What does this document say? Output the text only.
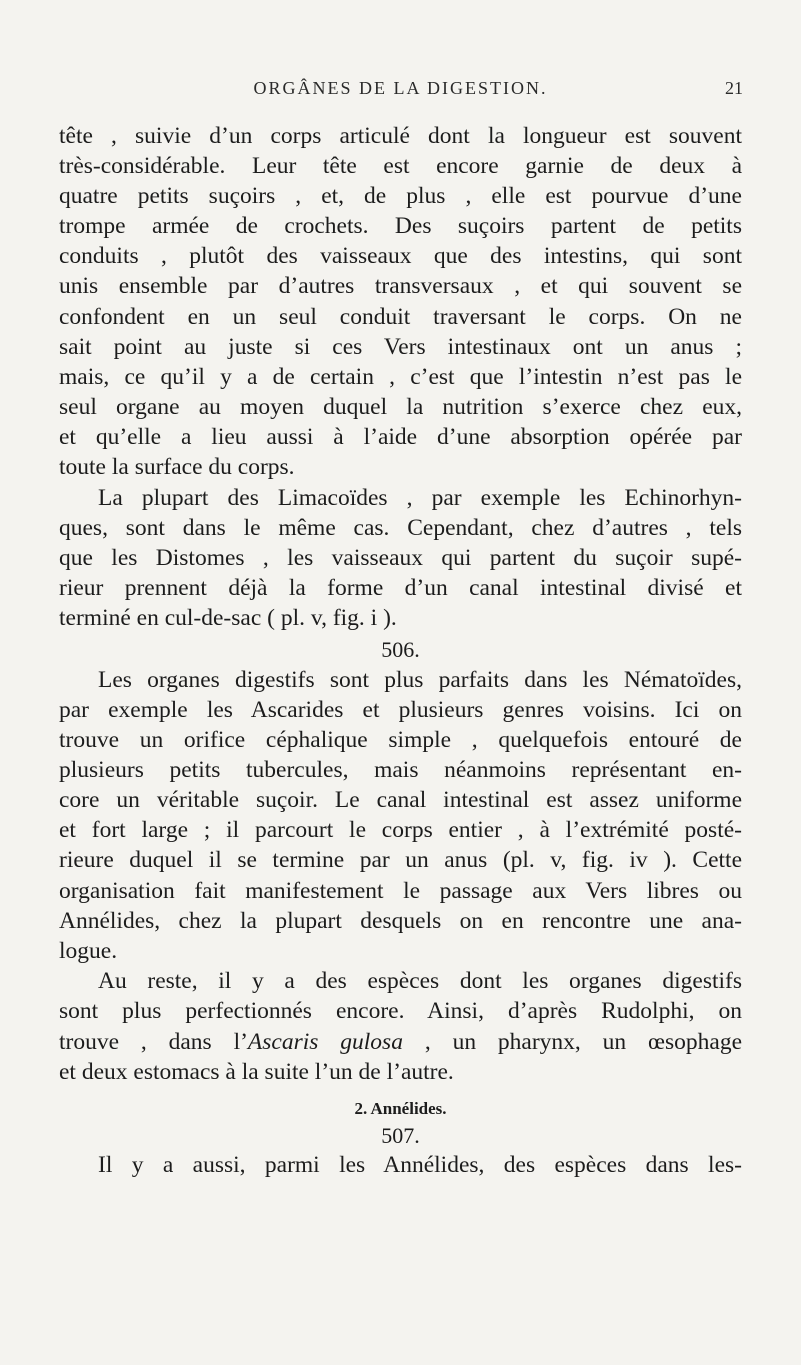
ORGÂNES DE LA DIGESTION.	21
tête , suivie d’un corps articulé dont la longueur est souvent
très-considérable. Leur tête est encore garnie de deux à
quatre petits suçoirs , et, de plus , elle est pourvue d’une
trompe armée de crochets. Des suçoirs partent de petits
conduits , plutôt des vaisseaux que des intestins, qui sont
unis ensemble par d’autres transversaux , et qui souvent se
confondent en un seul conduit traversant le corps. On ne
sait point au juste si ces Vers intestinaux ont un anus ;
mais, ce qu’il y a de certain , c’est que l’intestin n’est pas le
seul organe au moyen duquel la nutrition s’exerce chez eux,
et qu’elle a lieu aussi à l’aide d’une absorption opérée par
toute la surface du corps.
La plupart des Limacoïdes , par exemple les Echinorhyn-
ques, sont dans le même cas. Cependant, chez d’autres , tels
que les Distomes , les vaisseaux qui partent du suçoir supé-
rieur prennent déjà la forme d’un canal intestinal divisé et
terminé en cul-de-sac ( pl. v, fig. i ).
506.
Les organes digestifs sont plus parfaits dans les Nématoïdes,
par exemple les Ascarides et plusieurs genres voisins. Ici on
trouve un orifice céphalique simple , quelquefois entouré de
plusieurs petits tubercules, mais néanmoins représentant en-
core un véritable suçoir. Le canal intestinal est assez uniforme
et fort large ; il parcourt le corps entier , à l’extrémité posté-
rieure duquel il se termine par un anus (pl. v, fig. iv ). Cette
organisation fait manifestement le passage aux Vers libres ou
Annélides, chez la plupart desquels on en rencontre une ana-
logue.
Au reste, il y a des espèces dont les organes digestifs
sont plus perfectionnés encore. Ainsi, d’après Rudolphi, on
trouve , dans l’Ascaris gulosa , un pharynx, un œsophage
et deux estomacs à la suite l’un de l’autre.
2. Annélides.
507.
Il y a aussi, parmi les Annélides, des espèces dans les-
